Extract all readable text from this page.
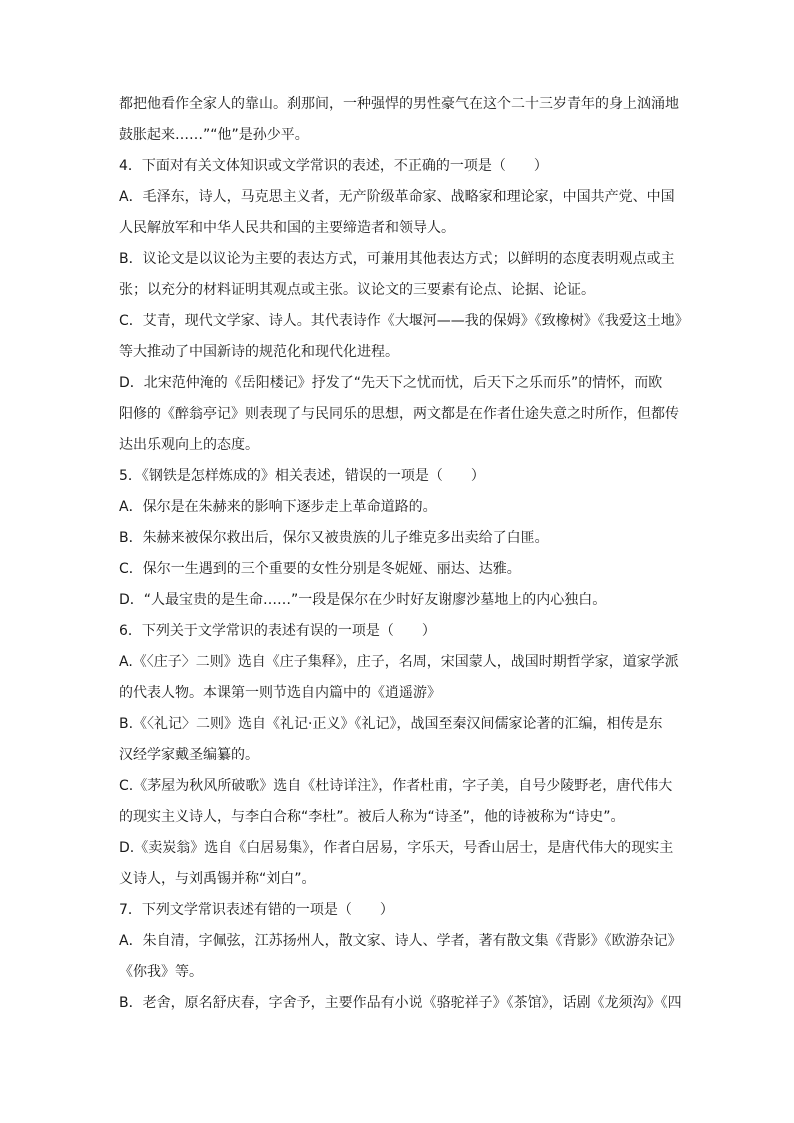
都把他看作全家人的靠山。刹那间，一种强悍的男性豪气在这个二十三岁青年的身上汹涌地
鼓胀起来……”“他”是孙少平。
4．下面对有关文体知识或文学常识的表述，不正确的一项是（　　）
A．毛泽东，诗人，马克思主义者，无产阶级革命家、战略家和理论家，中国共产党、中国
人民解放军和中华人民共和国的主要缔造者和领导人。
B．议论文是以议论为主要的表达方式，可兼用其他表达方式；以鲜明的态度表明观点或主
张；以充分的材料证明其观点或主张。议论文的三要素有论点、论据、论证。
C．艾青，现代文学家、诗人。其代表诗作《大堰河——我的保姆》《致橡树》《我爱这土地》
等大推动了中国新诗的规范化和现代化进程。
D．北宋范仲淹的《岳阳楼记》抒发了“先天下之忧而忧，后天下之乐而乐”的情怀，而欧
阳修的《醉翁亭记》则表现了与民同乐的思想，两文都是在作者仕途失意之时所作，但都传
达出乐观向上的态度。
5．《钢铁是怎样炼成的》相关表述，错误的一项是（　　）
A．保尔是在朱赫来的影响下逐步走上革命道路的。
B．朱赫来被保尔救出后，保尔又被贵族的儿子维克多出卖给了白匪。
C．保尔一生遇到的三个重要的女性分别是冬妮娅、丽达、达雅。
D．“人最宝贵的是生命……”一段是保尔在少时好友谢廖沙墓地上的内心独白。
6．下列关于文学常识的表述有误的一项是（　　）
A.《〈庄子〉二则》选自《庄子集释》，庄子，名周，宋国蒙人，战国时期哲学家，道家学派
的代表人物。本课第一则节选自内篇中的《逍遥游》
B.《〈礼记〉二则》选自《礼记·正义》《礼记》，战国至秦汉间儒家论著的汇编，相传是东
汉经学家戴圣编纂的。
C.《茅屋为秋风所破歌》选自《杜诗详注》，作者杜甫，字子美，自号少陵野老，唐代伟大
的现实主义诗人，与李白合称“李杜”。被后人称为“诗圣”，他的诗被称为“诗史”。
D.《卖炭翁》选自《白居易集》，作者白居易，字乐天，号香山居士，是唐代伟大的现实主
义诗人，与刘禹锡并称“刘白”。
7．下列文学常识表述有错的一项是（　　）
A．朱自清，字佩弦，江苏扬州人，散文家、诗人、学者，著有散文集《背影》《欧游杂记》
《你我》等。
B．老舍，原名舒庆春，字舍予，主要作品有小说《骆驼祥子》《茶馆》，话剧《龙须沟》《四
